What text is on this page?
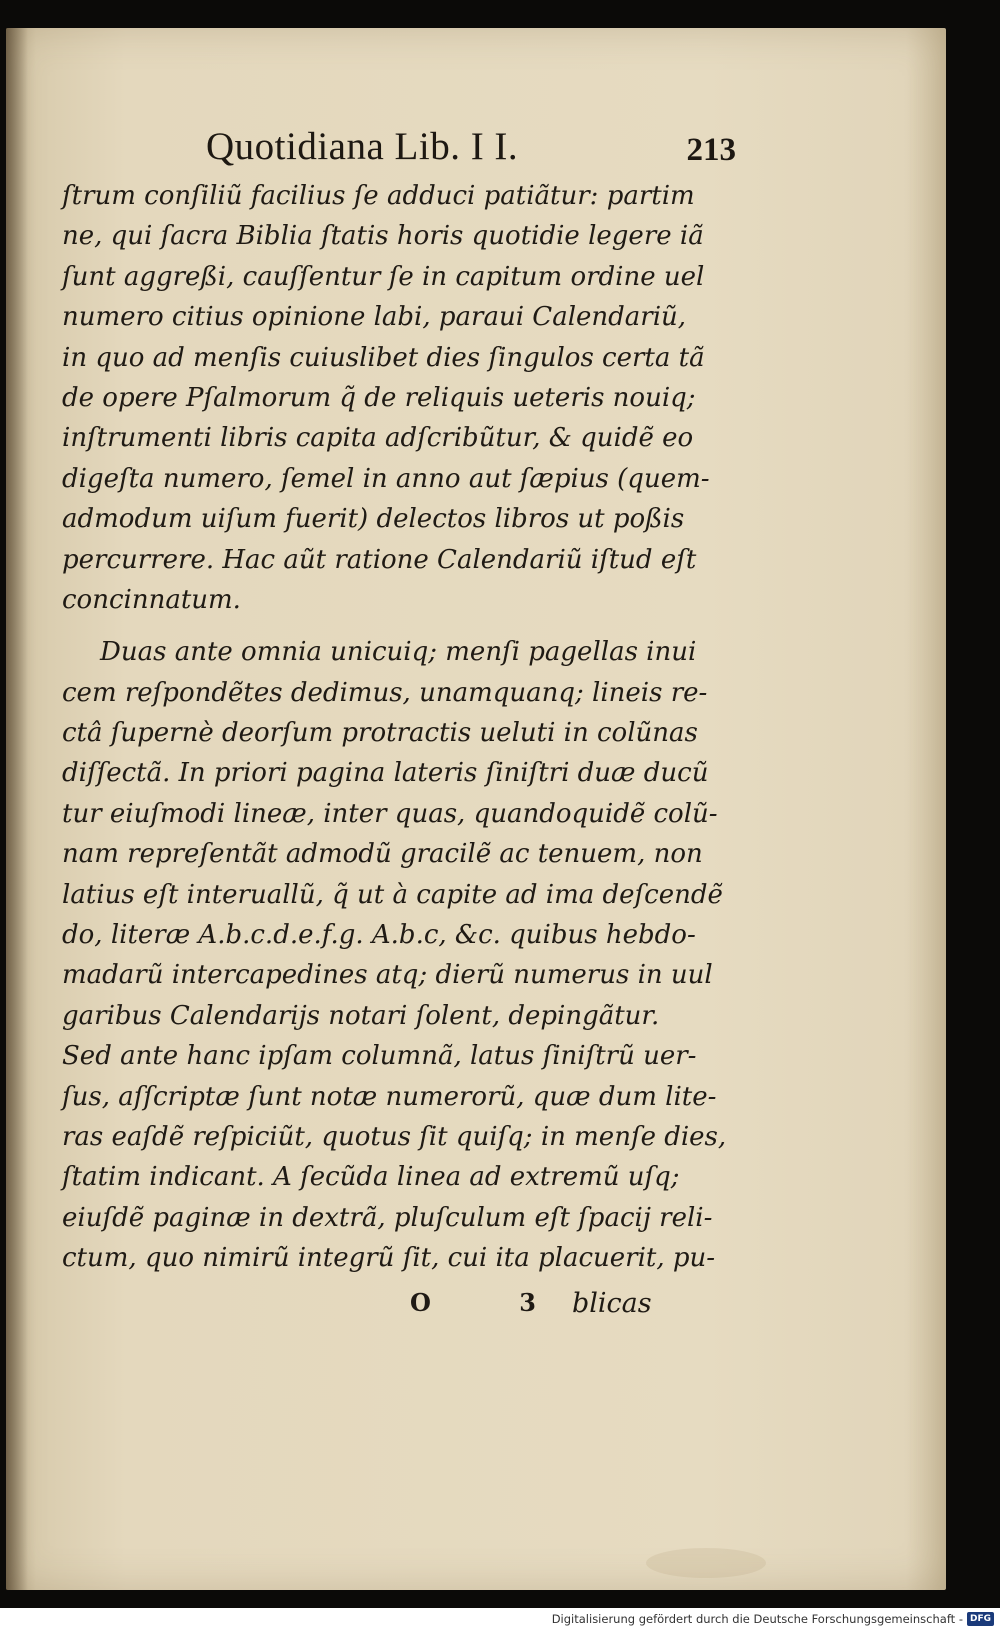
Quotidiana Lib. I I.	213
ſtrum conſiliũ facilius ſe adduci patiãtur: partim
ne, qui ſacra Biblia ſtatis horis quotidie legere iã
ſunt aggreßi, cauſſentur ſe in capitum ordine uel
numero citius opinione labi, paraui Calendariũ,
in quo ad menſis cuiuslibet dies ſingulos certa tã
de opere Pſalmorum q̃ de reliquis ueteris nouiq;
inſtrumenti libris capita adſcribũtur, & quidẽ eo
digeſta numero, ſemel in anno aut ſæpius (quem-
admodum uiſum fuerit) delectos libros ut poßis
percurrere. Hac aũt ratione Calendariũ iſtud eſt
concinnatum.
Duas ante omnia unicuiq; menſi pagellas inui
cem reſpondẽtes dedimus, unamquanq; lineis re-
ctâ ſupernè deorſum protractis ueluti in colũnas
diſſectã. In priori pagina lateris ſiniſtri duæ ducũ
tur eiuſmodi lineæ, inter quas, quandoquidẽ colũ-
nam repreſentãt admodũ gracilẽ ac tenuem, non
latius eſt interuallũ, q̃ ut à capite ad ima deſcendẽ
do, literæ A.b.c.d.e.f.g. A.b.c, &c. quibus hebdo-
madarũ intercapedines atq; dierũ numerus in uul
garibus Calendarijs notari ſolent, depingãtur.
Sed ante hanc ipſam columnã, latus ſiniſtrũ uer-
ſus, aſſcriptæ ſunt notæ numerorũ, quæ dum lite-
ras eaſdẽ reſpiciũt, quotus ſit quiſq; in menſe dies,
ſtatim indicant. A ſecũda linea ad extremũ uſq;
eiuſdẽ paginæ in dextrã, pluſculum eſt ſpacij reli-
ctum, quo nimirũ integrũ ſit, cui ita placuerit, pu-
O 3
blicas
Digitalisierung gefördert durch die Deutsche Forschungsgemeinschaft - DFG
